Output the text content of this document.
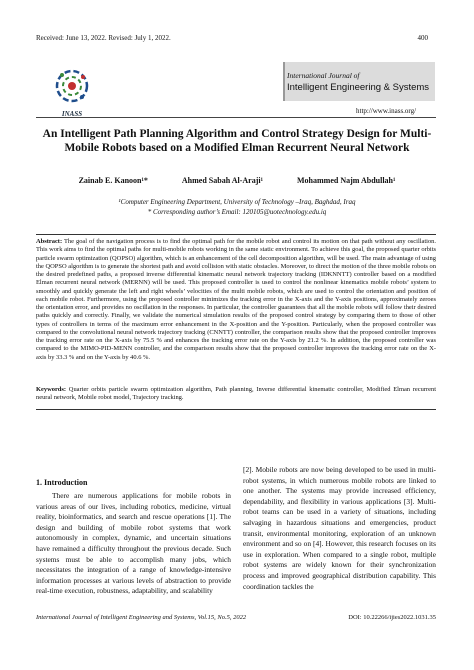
Received: June 13, 2022. Revised: July 1, 2022.	400
INASS
International Journal of
Intelligent Engineering & Systems
http://www.inass.org/
An Intelligent Path Planning Algorithm and Control Strategy Design for Multi-Mobile Robots based on a Modified Elman Recurrent Neural Network
Zainab E. Kanoon¹*	Ahmed Sabah Al-Araji¹	Mohammed Najm Abdullah¹
¹Computer Engineering Department, University of Technology –Iraq, Baghdad, Iraq
* Corresponding author’s Email: 120105@uotechnology.edu.iq
Abstract: The goal of the navigation process is to find the optimal path for the mobile robot and control its motion on that path without any oscillation. This work aims to find the optimal paths for multi-mobile robots working in the same static environment. To achieve this goal, the proposed quarter orbits particle swarm optimization (QOPSO) algorithm, which is an enhancement of the cell decomposition algorithm, will be used. The main advantage of using the QOPSO algorithm is to generate the shortest path and avoid collision with static obstacles. Moreover, to direct the motion of the three mobile robots on the desired predefined paths, a proposed inverse differential kinematic neural network trajectory tracking (IDKNNTT) controller based on a modified Elman recurrent neural network (MERNN) will be used. This proposed controller is used to control the nonlinear kinematics mobile robots’ system to smoothly and quickly generate the left and right wheels’ velocities of the multi mobile robots, which are used to control the orientation and position of each mobile robot. Furthermore, using the proposed controller minimizes the tracking error in the X-axis and the Y-axis positions, approximately zeroes the orientation error, and provides no oscillation in the responses. In particular, the controller guarantees that all the mobile robots will follow their desired paths quickly and correctly. Finally, we validate the numerical simulation results of the proposed control strategy by comparing them to those of other types of controllers in terms of the maximum error enhancement in the X-position and the Y-position. Particularly, when the proposed controller was compared to the convolutional neural network trajectory tracking (CNNTT) controller, the comparison results show that the proposed controller improves the tracking error rate on the X-axis by 75.5 % and enhances the tracking error rate on the Y-axis by 21.2 %. In addition, the proposed controller was compared to the MIMO-PID-MENN controller, and the comparison results show that the proposed controller improves the tracking error rate on the X-axis by 33.3 % and on the Y-axis by 40.6 %.
Keywords: Quarter orbits particle swarm optimization algorithm, Path planning, Inverse differential kinematic controller, Modified Elman recurrent neural network, Mobile robot model, Trajectory tracking.
1. Introduction
There are numerous applications for mobile robots in various areas of our lives, including robotics, medicine, virtual reality, bioinformatics, and search and rescue operations [1]. The design and building of mobile robot systems that work autonomously in complex, dynamic, and uncertain situations have remained a difficulty throughout the previous decade. Such systems must be able to accomplish many jobs, which necessitates the integration of a range of knowledge-intensive information processes at various levels of abstraction to provide real-time execution, robustness, adaptability, and scalability
[2]. Mobile robots are now being developed to be used in multi-robot systems, in which numerous mobile robots are linked to one another. The systems may provide increased efficiency, dependability, and flexibility in various applications [3]. Multi-robot teams can be used in a variety of situations, including salvaging in hazardous situations and emergencies, product transit, environmental monitoring, exploration of an unknown environment and so on [4]. However, this research focuses on its use in exploration. When compared to a single robot, multiple robot systems are widely known for their synchronization process and improved geographical distribution capability. This coordination tackles the
International Journal of Intelligent Engineering and Systems, Vol.15, No.5, 2022	DOI: 10.22266/ijies2022.1031.35
